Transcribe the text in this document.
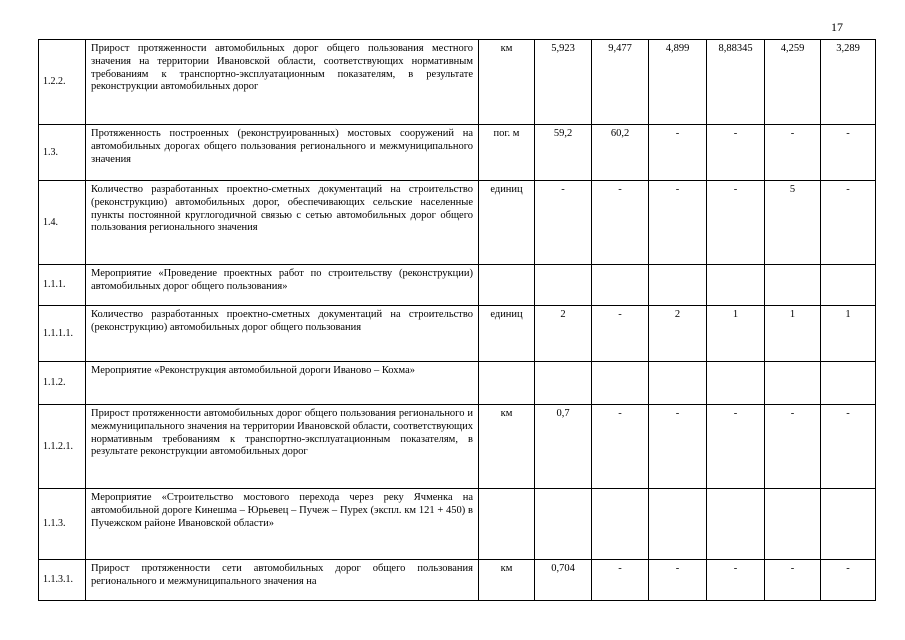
17
1.2.2.	Прирост протяженности автомобильных дорог общего пользования местного значения на территории Ивановской области, соответствующих нормативным требованиям к транспортно-эксплуатационным показателям, в результате реконструкции автомобильных дорог	км	5,923	9,477	4,899	8,88345	4,259	3,289
1.3.	Протяженность построенных (реконструированных) мостовых сооружений на автомобильных дорогах общего пользования регионального и межмуниципального значения	пог. м	59,2	60,2	-	-	-	-
1.4.	Количество разработанных проектно-сметных документаций на строительство (реконструкцию) автомобильных дорог, обеспечивающих сельские населенные пункты постоянной круглогодичной связью с сетью автомобильных дорог общего пользования регионального значения	единиц	-	-	-	-	5	-
1.1.1.	Мероприятие «Проведение проектных работ по строительству (реконструкции) автомобильных дорог общего пользования»							
1.1.1.1.	Количество разработанных проектно-сметных документаций на строительство (реконструкцию) автомобильных дорог общего пользования	единиц	2	-	2	1	1	1
1.1.2.	Мероприятие «Реконструкция автомобильной дороги Иваново – Кохма»							
1.1.2.1.	Прирост протяженности автомобильных дорог общего пользования регионального и межмуниципального значения на территории Ивановской области, соответствующих нормативным требованиям к транспортно-эксплуатационным показателям, в результате реконструкции автомобильных дорог	км	0,7	-	-	-	-	-
1.1.3.	Мероприятие «Строительство мостового перехода через реку Ячменка на автомобильной дороге Кинешма – Юрьевец – Пучеж – Пурех (экспл. км 121 + 450) в Пучежском районе Ивановской области»							
1.1.3.1.	Прирост протяженности сети автомобильных дорог общего пользования регионального и межмуниципального значения на	км	0,704	-	-	-	-	-
